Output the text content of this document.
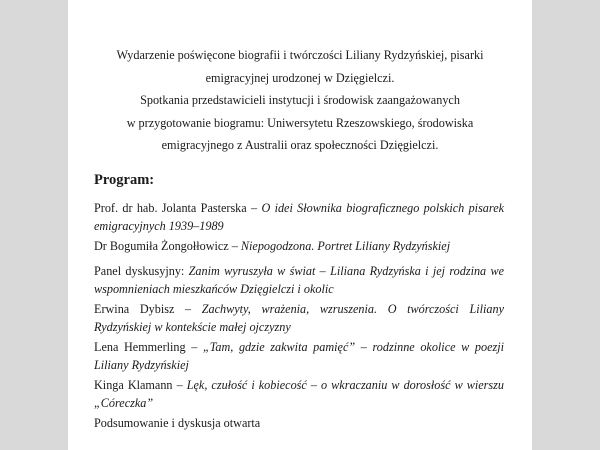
Wydarzenie poświęcone biografii i twórczości Liliany Rydzyńskiej, pisarki
emigracyjnej urodzonej w Dzięgielczi.
Spotkania przedstawicieli instytucji i środowisk zaangażowanych
w przygotowanie biogramu: Uniwersytetu Rzeszowskiego, środowiska
emigracyjnego z Australii oraz społeczności Dzięgielczi.
Program:
Prof. dr hab. Jolanta Pasterska – O idei Słownika biograficznego polskich pisarek
emigracyjnych 1939–1989
Dr Bogumiła Żongołłowicz – Niepogodzona. Portret Liliany Rydzyńskiej
Panel dyskusyjny: Zanim wyruszyła w świat – Liliana Rydzyńska i jej rodzina we
wspomnieniach mieszkańców Dzięgielczi i okolic
Erwina Dybisz – Zachwyty, wrażenia, wzruszenia. O twórczości Liliany
Rydzyńskiej w kontekście małej ojczyzny
Lena Hemmerling – „Tam, gdzie zakwita pamięć” – rodzinne okolice w poezji
Liliany Rydzyńskiej
Kinga Klamann – Lęk, czułość i kobiecość – o wkraczaniu w dorosłość w wierszu
„Córeczka”
Podsumowanie i dyskusja otwarta
